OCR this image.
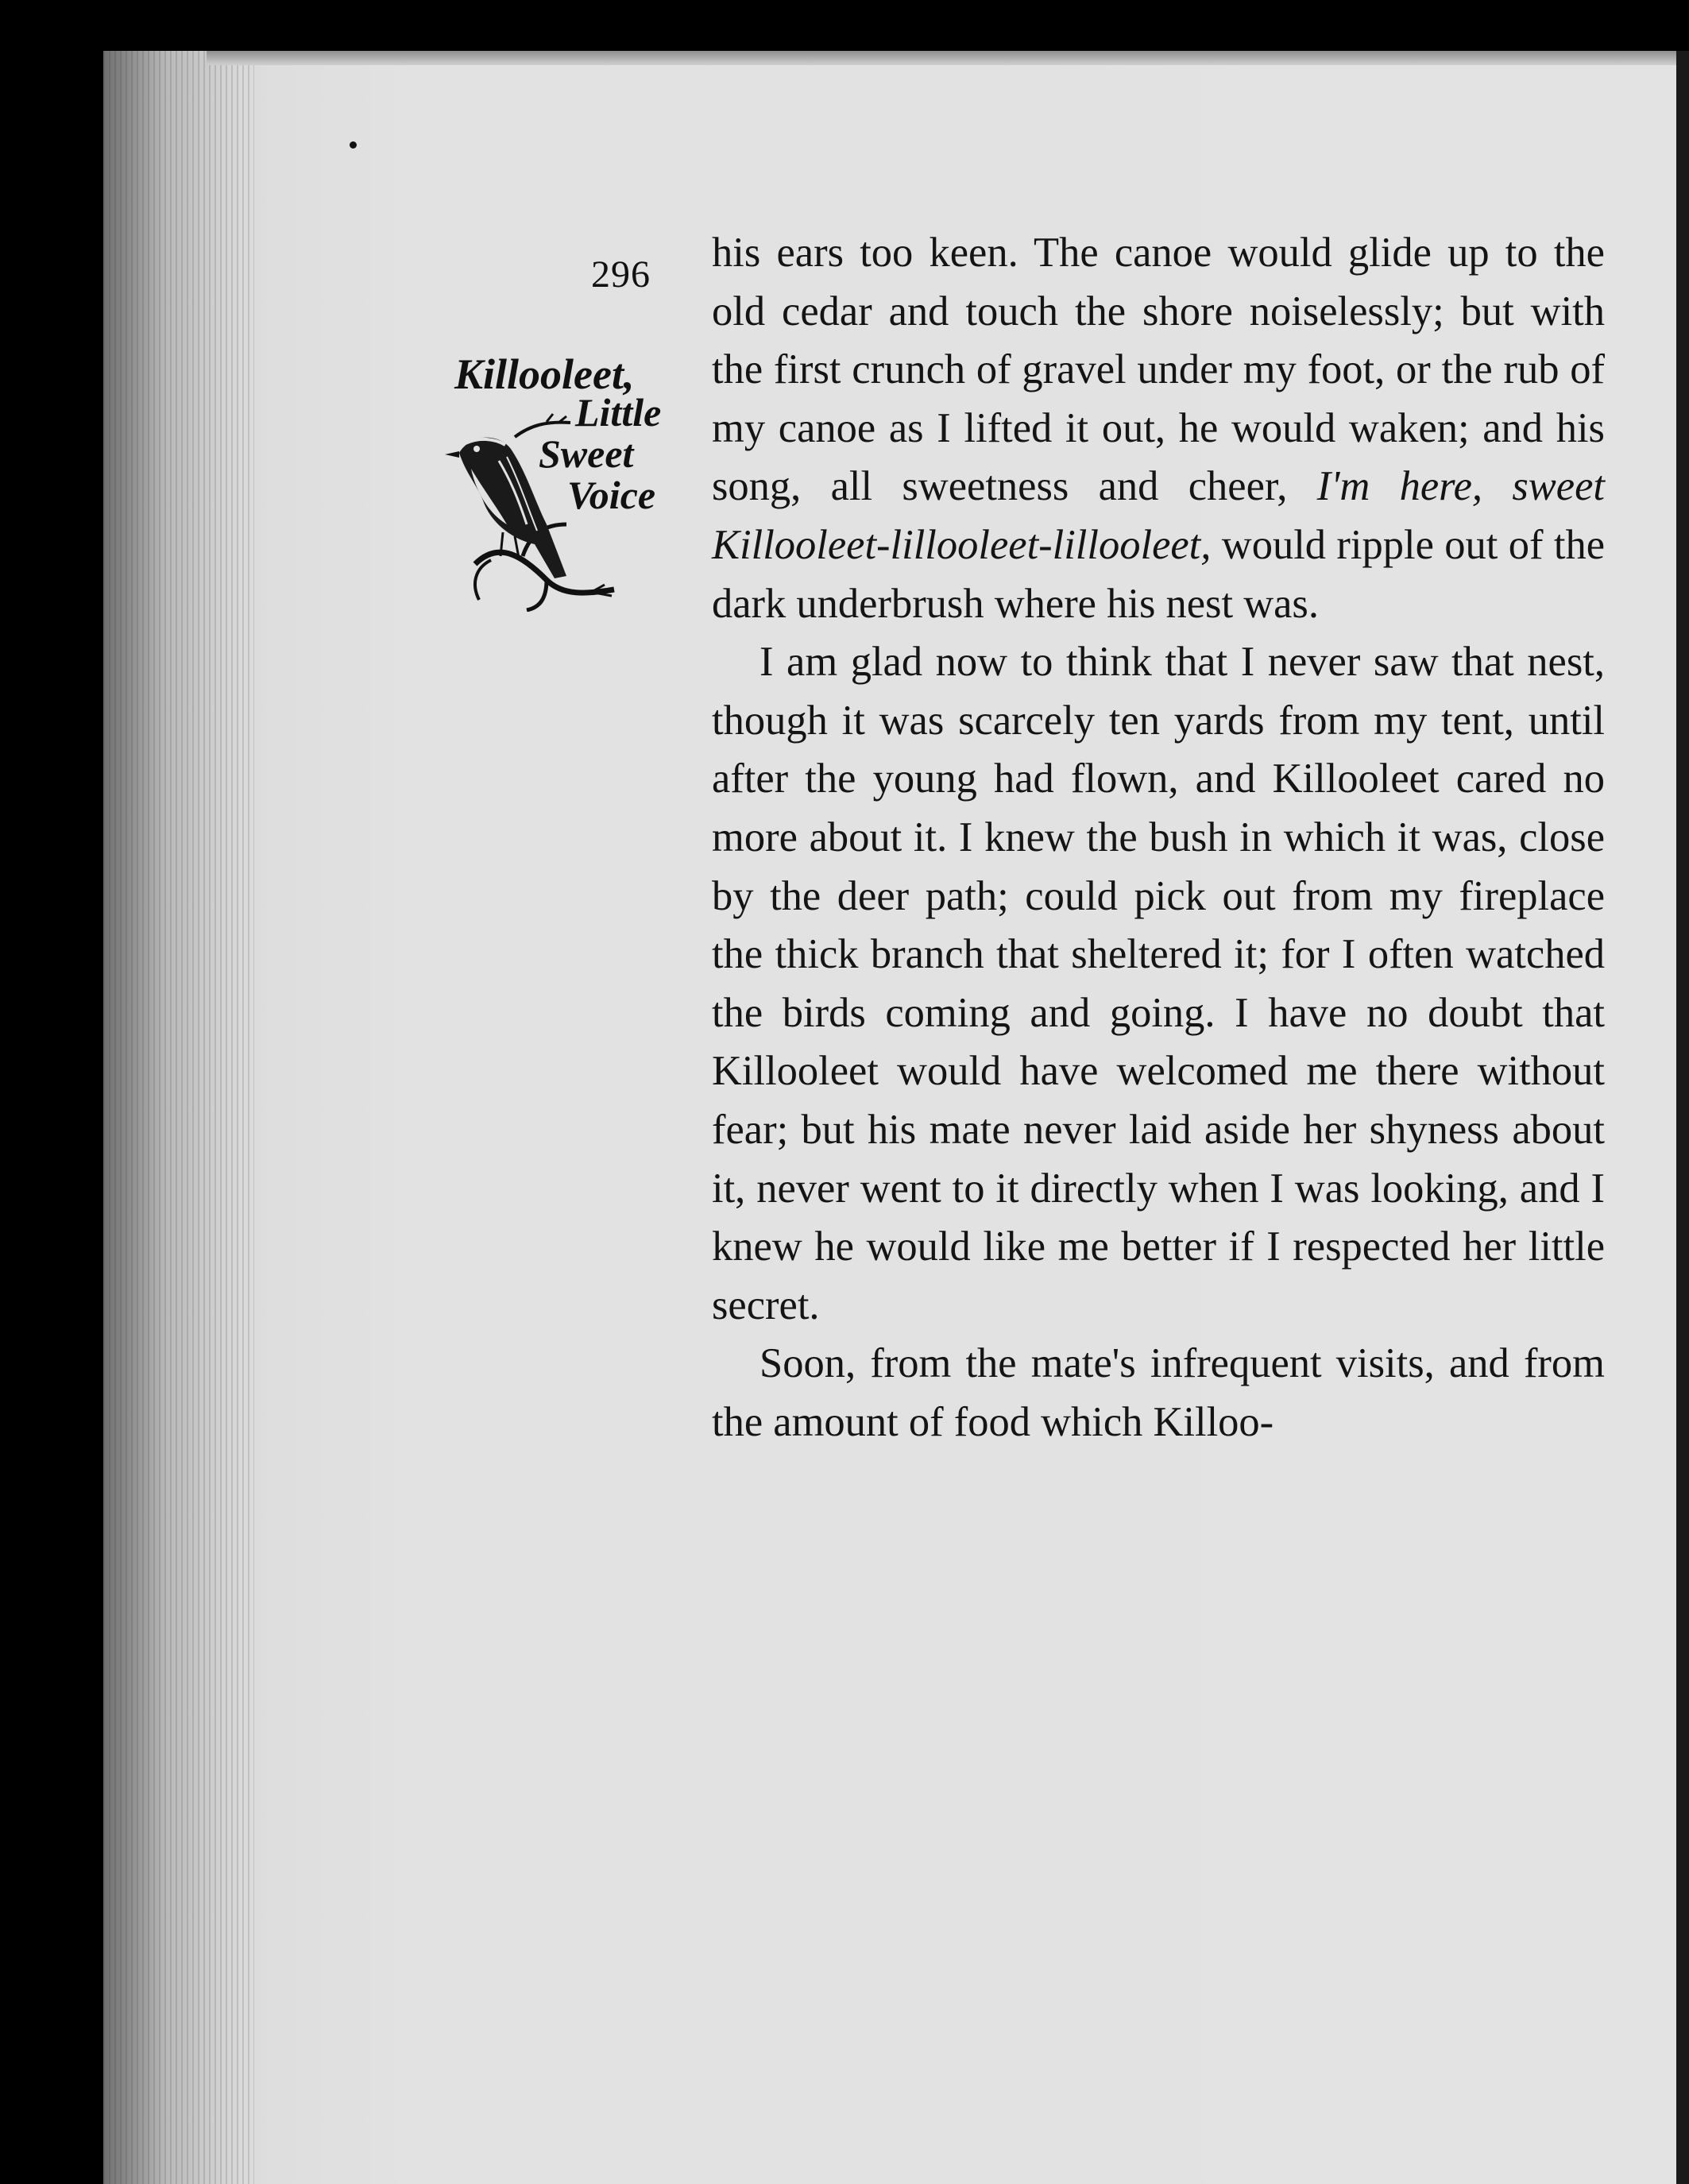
296
Killooleet,
Little
Sweet
Voice

his ears too keen. The canoe would glide up to the old cedar and touch the shore noiselessly; but with the first crunch of gravel under my foot, or the rub of my canoe as I lifted it out, he would waken; and his song, all sweetness and cheer, I'm here, sweet Killooleet-lillooleet-lillooleet, would ripple out of the dark underbrush where his nest was.

I am glad now to think that I never saw that nest, though it was scarcely ten yards from my tent, until after the young had flown, and Killooleet cared no more about it. I knew the bush in which it was, close by the deer path; could pick out from my fireplace the thick branch that sheltered it; for I often watched the birds coming and going. I have no doubt that Killooleet would have welcomed me there without fear; but his mate never laid aside her shyness about it, never went to it directly when I was looking, and I knew he would like me better if I respected her little secret.

Soon, from the mate's infrequent visits, and from the amount of food which Killoo-
